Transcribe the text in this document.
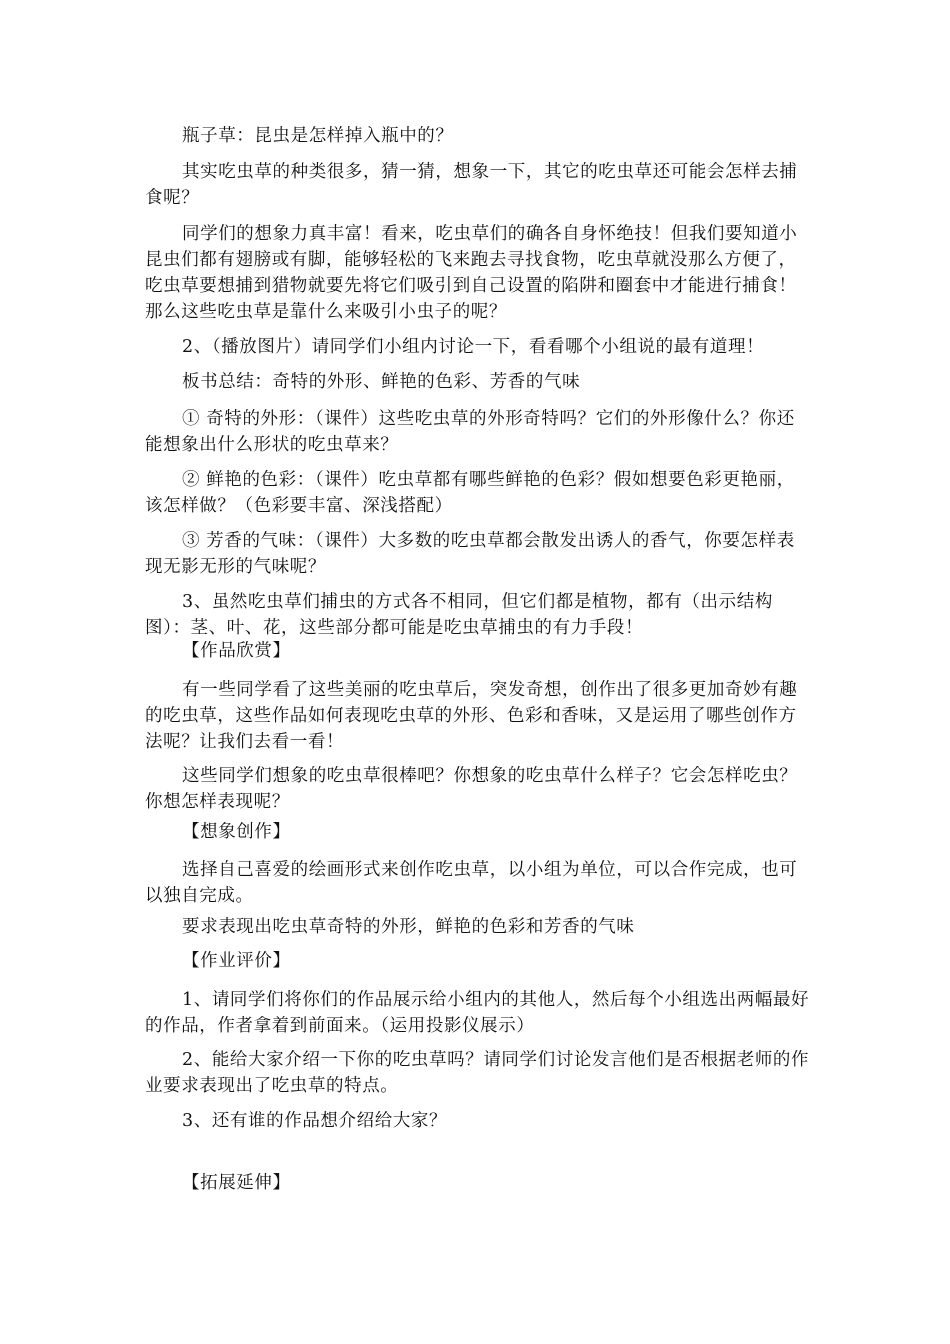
瓶子草：昆虫是怎样掉入瓶中的？

其实吃虫草的种类很多，猜一猜，想象一下，其它的吃虫草还可能会怎样去捕食呢？

同学们的想象力真丰富！看来，吃虫草们的确各自身怀绝技！但我们要知道小昆虫们都有翅膀或有脚，能够轻松的飞来跑去寻找食物，吃虫草就没那么方便了，吃虫草要想捕到猎物就要先将它们吸引到自己设置的陷阱和圈套中才能进行捕食！那么这些吃虫草是靠什么来吸引小虫子的呢？

2、（播放图片）请同学们小组内讨论一下，看看哪个小组说的最有道理！

板书总结：奇特的外形、鲜艳的色彩、芳香的气味

① 奇特的外形：（课件）这些吃虫草的外形奇特吗？它们的外形像什么？你还能想象出什么形状的吃虫草来？

② 鲜艳的色彩：（课件）吃虫草都有哪些鲜艳的色彩？假如想要色彩更艳丽，该怎样做？（色彩要丰富、深浅搭配）

③ 芳香的气味：（课件）大多数的吃虫草都会散发出诱人的香气，你要怎样表现无影无形的气味呢？

3、虽然吃虫草们捕虫的方式各不相同，但它们都是植物，都有（出示结构图）：茎、叶、花，这些部分都可能是吃虫草捕虫的有力手段！

【作品欣赏】

有一些同学看了这些美丽的吃虫草后，突发奇想，创作出了很多更加奇妙有趣的吃虫草，这些作品如何表现吃虫草的外形、色彩和香味，又是运用了哪些创作方法呢？让我们去看一看！

这些同学们想象的吃虫草很棒吧？你想象的吃虫草什么样子？它会怎样吃虫？你想怎样表现呢？

【想象创作】

选择自己喜爱的绘画形式来创作吃虫草，以小组为单位，可以合作完成，也可以独自完成。

要求表现出吃虫草奇特的外形，鲜艳的色彩和芳香的气味

【作业评价】

1、请同学们将你们的作品展示给小组内的其他人，然后每个小组选出两幅最好的作品，作者拿着到前面来。（运用投影仪展示）

2、能给大家介绍一下你的吃虫草吗？请同学们讨论发言他们是否根据老师的作业要求表现出了吃虫草的特点。

3、还有谁的作品想介绍给大家？

【拓展延伸】
